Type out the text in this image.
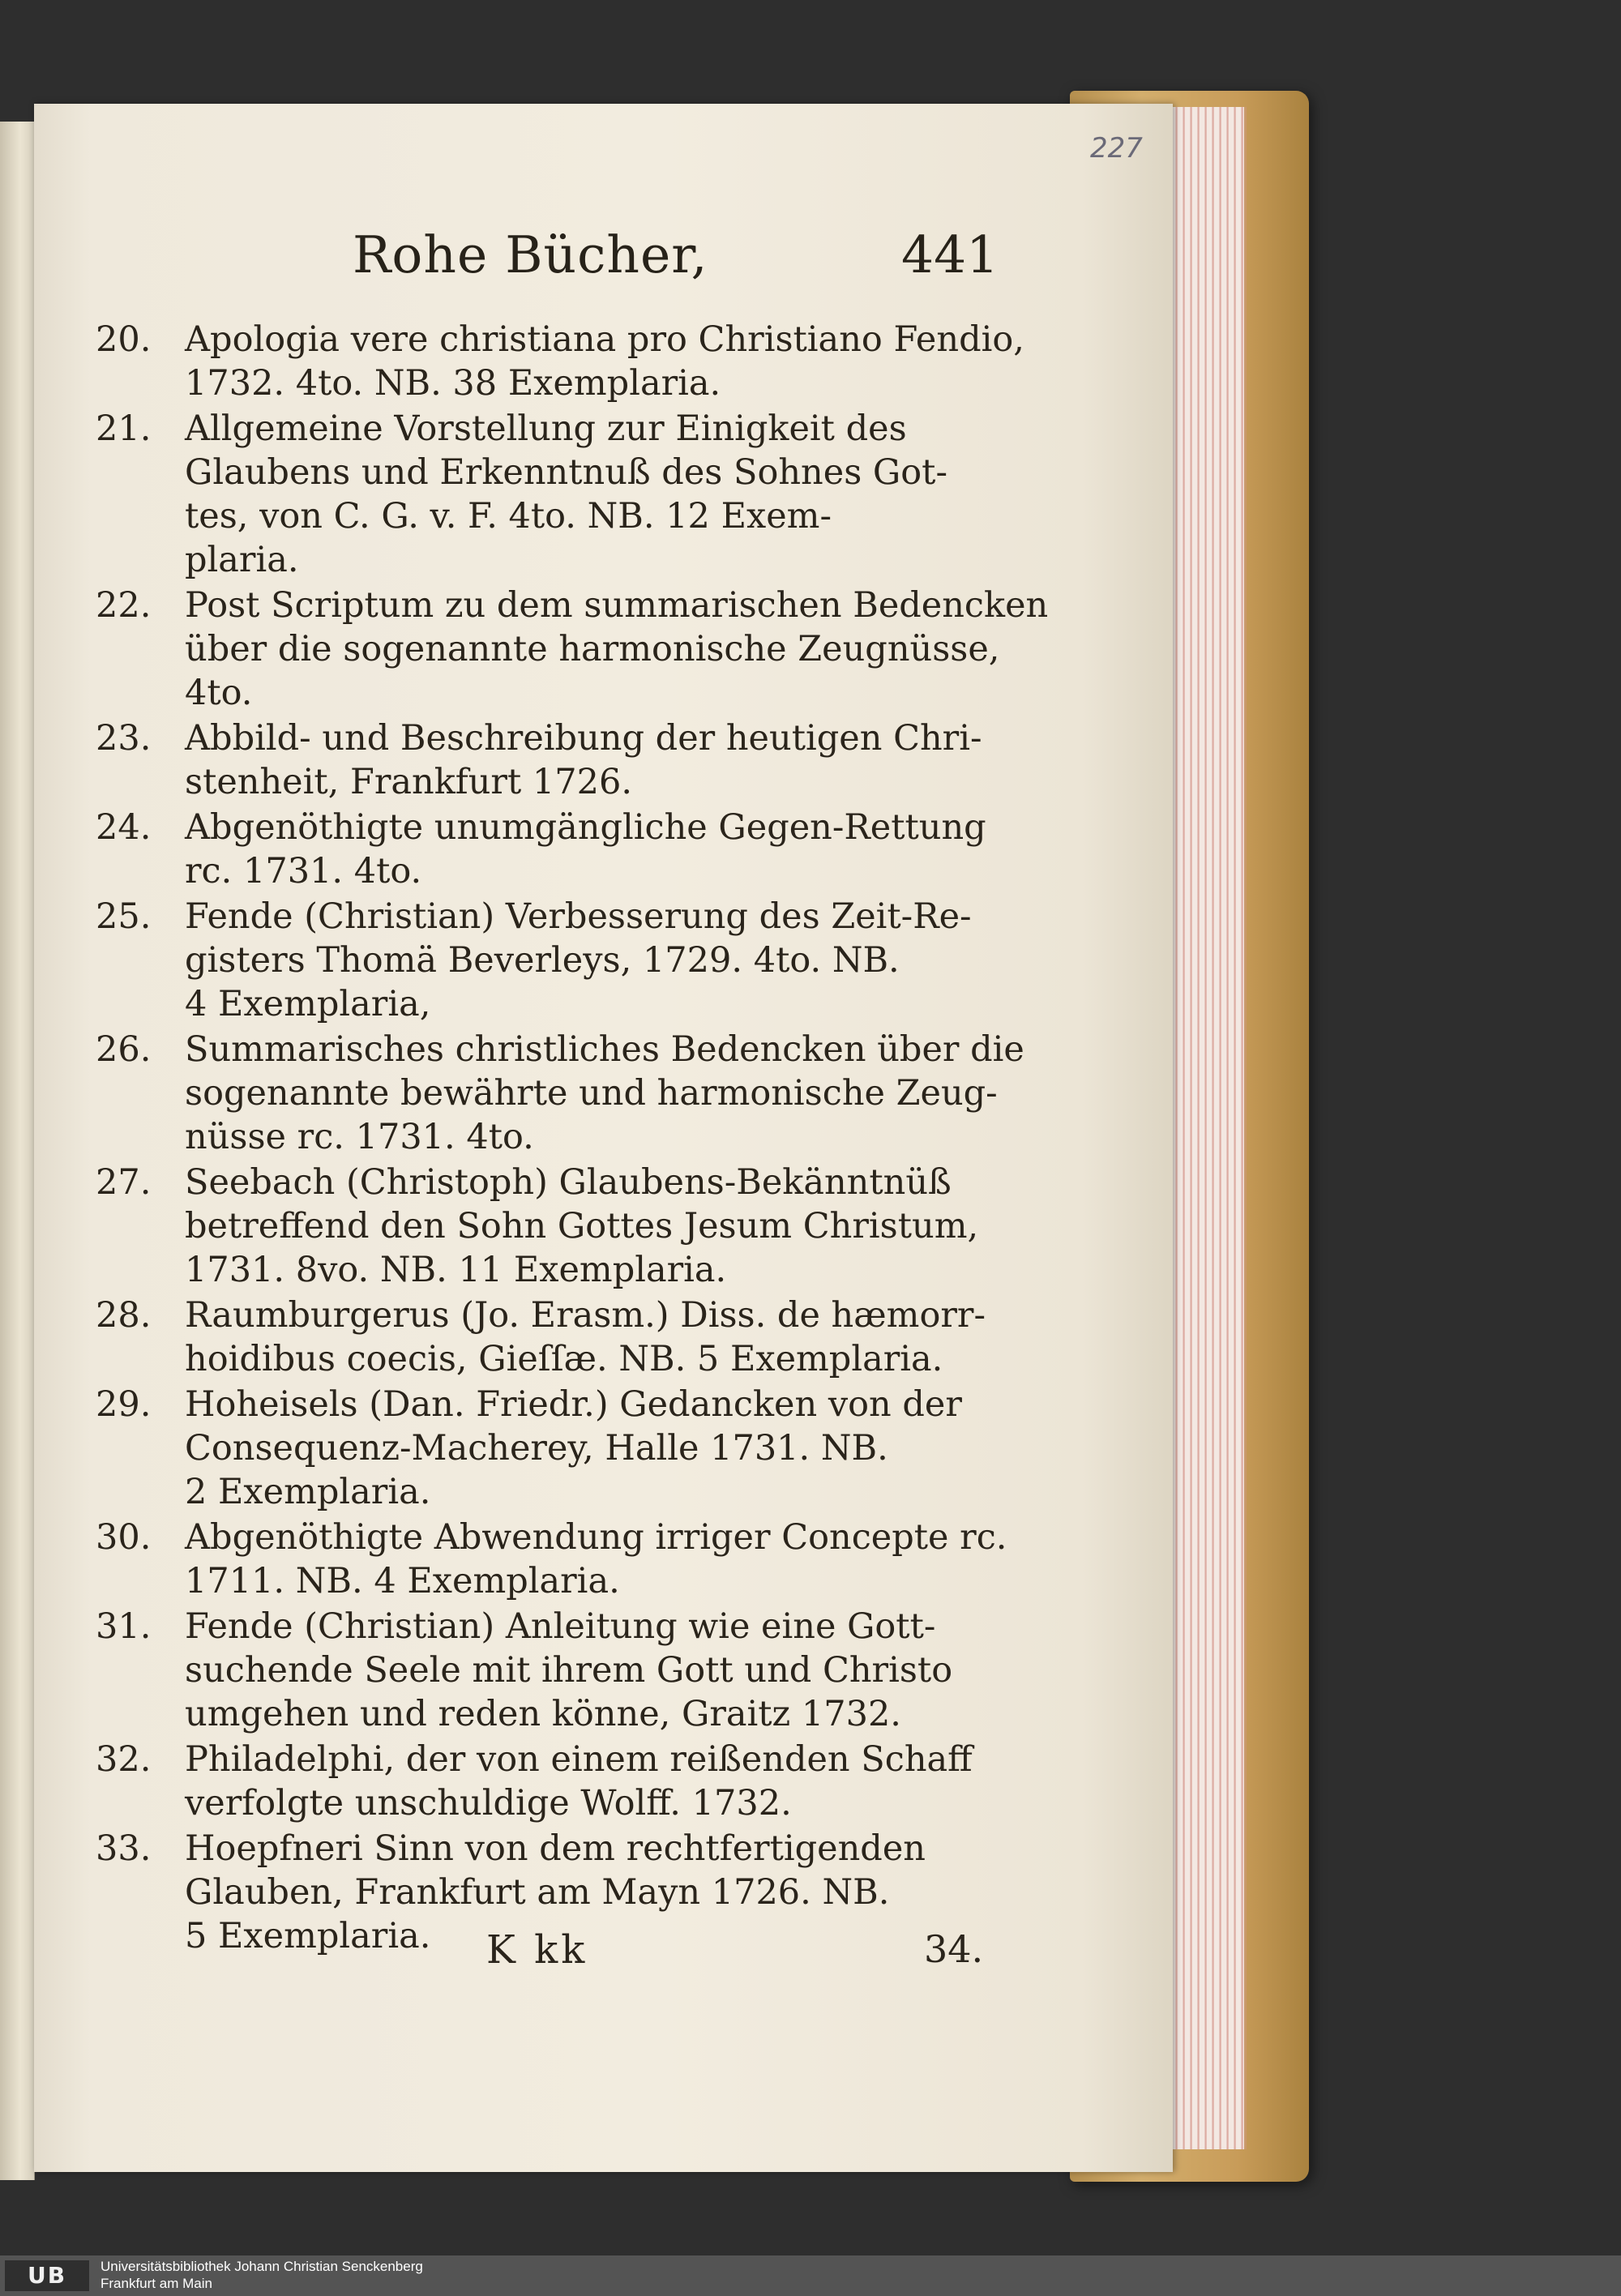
227
Rohe Bücher,	441
20. Apologia vere christiana pro Christiano Fendio,
1732. 4to. NB. 38 Exemplaria.
21. Allgemeine Vorstellung zur Einigkeit des
Glaubens und Erkenntnuß des Sohnes Got-
tes, von C. G. v. F. 4to. NB. 12 Exem-
plaria.
22. Post Scriptum zu dem summarischen Bedencken
über die sogenannte harmonische Zeugnüsse,
4to.
23. Abbild- und Beschreibung der heutigen Chri-
stenheit, Frankfurt 1726.
24. Abgenöthigte unumgängliche Gegen-Rettung
rc. 1731. 4to.
25. Fende (Christian) Verbesserung des Zeit-Re-
gisters Thomä Beverleys, 1729. 4to. NB.
4 Exemplaria,
26. Summarisches christliches Bedencken über die
sogenannte bewährte und harmonische Zeug-
nüsse rc. 1731. 4to.
27. Seebach (Christoph) Glaubens-Bekänntnüß
betreffend den Sohn Gottes Jesum Christum,
1731. 8vo. NB. 11 Exemplaria.
28. Raumburgerus (Jo. Erasm.) Diss. de hæmorr-
hoidibus coecis, Gieſſæ. NB. 5 Exemplaria.
29. Hoheisels (Dan. Friedr.) Gedancken von der
Consequenz-Macherey, Halle 1731. NB.
2 Exemplaria.
30. Abgenöthigte Abwendung irriger Concepte rc.
1711. NB. 4 Exemplaria.
31. Fende (Christian) Anleitung wie eine Gott-
suchende Seele mit ihrem Gott und Christo
umgehen und reden könne, Graitz 1732.
32. Philadelphi, der von einem reißenden Schaff
verfolgte unschuldige Wolff. 1732.
33. Hoepfneri Sinn von dem rechtfertigenden
Glauben, Frankfurt am Mayn 1726. NB.
5 Exemplaria.	K kk	34.
UB	Universitätsbibliothek Johann Christian Senckenberg
Frankfurt am Main
